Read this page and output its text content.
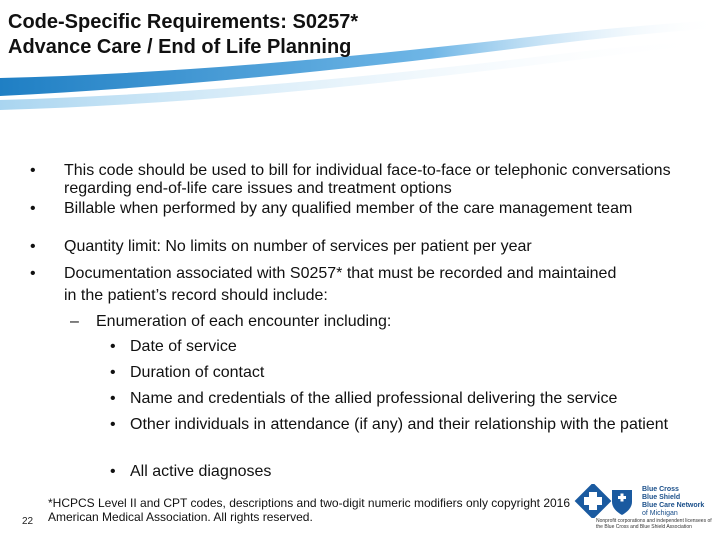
Code-Specific Requirements: S0257*
Advance Care / End of Life Planning
• This code should be used to bill for individual face-to-face or telephonic conversations regarding end-of-life care issues and treatment options
• Billable when performed by any qualified member of the care management team
• Quantity limit: No limits on number of services per patient per year
• Documentation associated with S0257* that must be recorded and maintained in the patient’s record should include:
– Enumeration of each encounter including:
• Date of service
• Duration of contact
• Name and credentials of the allied professional delivering the service
• Other individuals in attendance (if any) and their relationship with the patient
• All active diagnoses
*HCPCS Level II and CPT codes, descriptions and two-digit numeric modifiers only copyright 2016 American Medical Association. All rights reserved.
22
Blue Cross
Blue Shield
Blue Care Network
of Michigan
Nonprofit corporations and independent licensees of the Blue Cross and Blue Shield Association
